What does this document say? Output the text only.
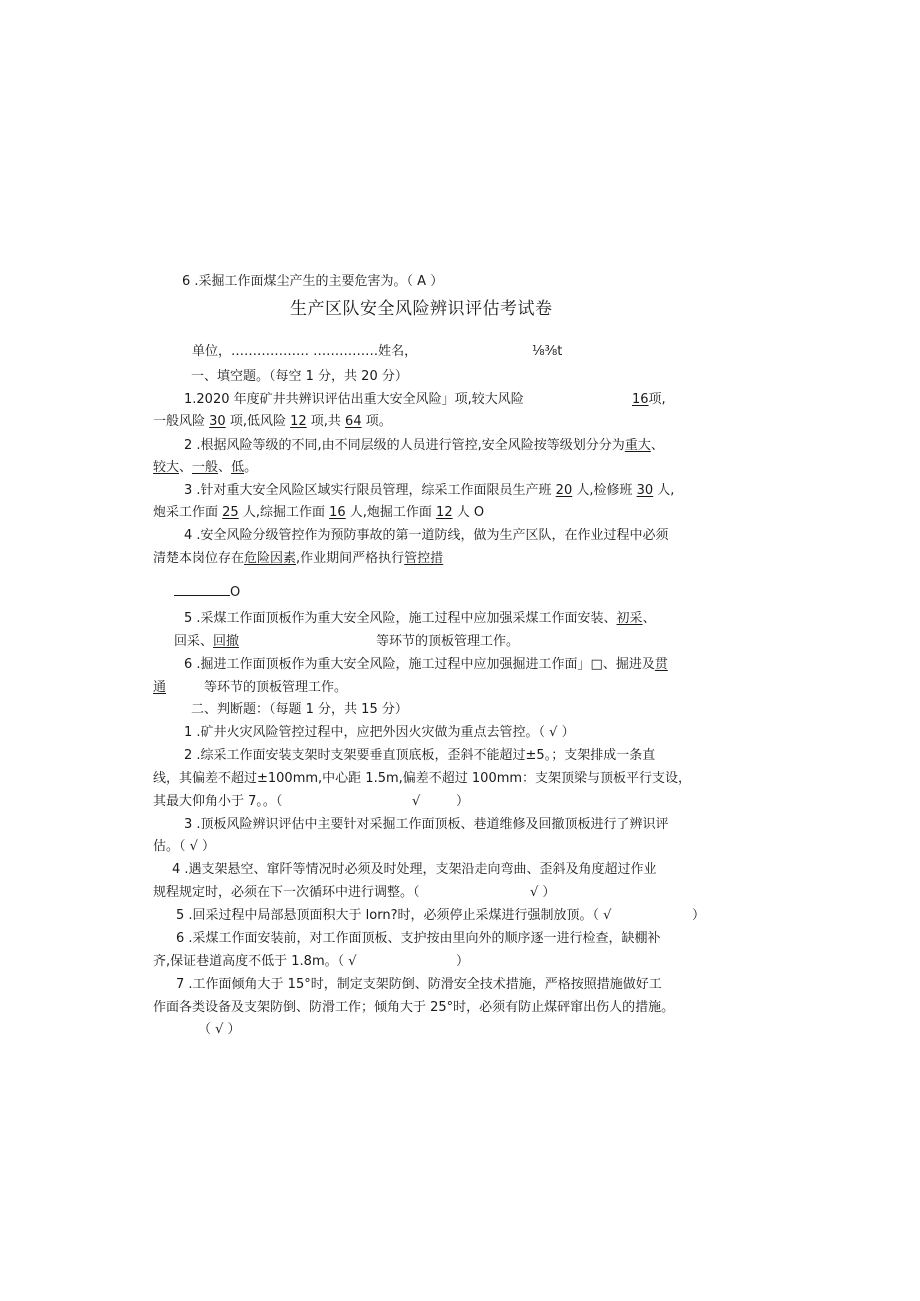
6 .采掘工作面煤尘产生的主要危害为。（ A ）
生产区队安全风险辨识评估考试卷
单位，……………… ……………姓名，	⅛⅜t
一、填空题。（每空 1 分，共 20 分）
1.2020 年度矿井共辨识评估出重大安全风险」项,较大风险	16项,
一般风险 30 项,低风险 12 项,共 64 项。
2 .根据风险等级的不同,由不同层级的人员进行管控,安全风险按等级划分分为重大、
较大、一般、低。
3 .针对重大安全风险区域实行限员管理，综采工作面限员生产班 20 人,检修班 30 人,
炮采工作面 25 人,综掘工作面 16 人,炮掘工作面 12 人 O
4 .安全风险分级管控作为预防事故的第一道防线，做为生产区队，在作业过程中必须
清楚本岗位存在危险因素,作业期间严格执行管控措
O
5 .采煤工作面顶板作为重大安全风险，施工过程中应加强采煤工作面安装、初采、
回采、回撤	等环节的顶板管理工作。
6 .掘进工作面顶板作为重大安全风险，施工过程中应加强掘进工作面」□、掘进及贯
通	等环节的顶板管理工作。
二、判断题：（每题 1 分，共 15 分）
1 .矿井火灾风险管控过程中，应把外因火灾做为重点去管控。（ √ ）
2 .综采工作面安装支架时支架要垂直顶底板，歪斜不能超过±5。；支架排成一条直
线，其偏差不超过±100mm,中心距 1.5m,偏差不超过 100mm：支架顶梁与顶板平行支设，
其最大仰角小于 7。。（	√	）
3 .顶板风险辨识评估中主要针对采掘工作面顶板、巷道维修及回撤顶板进行了辨识评
估。（ √ ）
4 .遇支架悬空、窜阡等情况时必须及时处理，支架沿走向弯曲、歪斜及角度超过作业
规程规定时，必须在下一次循环中进行调整。（	√ ）
5 .回采过程中局部悬顶面积大于 lorn?时，必须停止采煤进行强制放顶。（ √	）
6 .采煤工作面安装前，对工作面顶板、支护按由里向外的顺序逐一进行检查，缺棚补
齐,保证巷道高度不低于 1.8m。（ √	）
7 .工作面倾角大于 15°时，制定支架防倒、防滑安全技术措施，严格按照措施做好工
作面各类设备及支架防倒、防滑工作；倾角大于 25°时，必须有防止煤砰窜出伤人的措施。
（ √ ）
